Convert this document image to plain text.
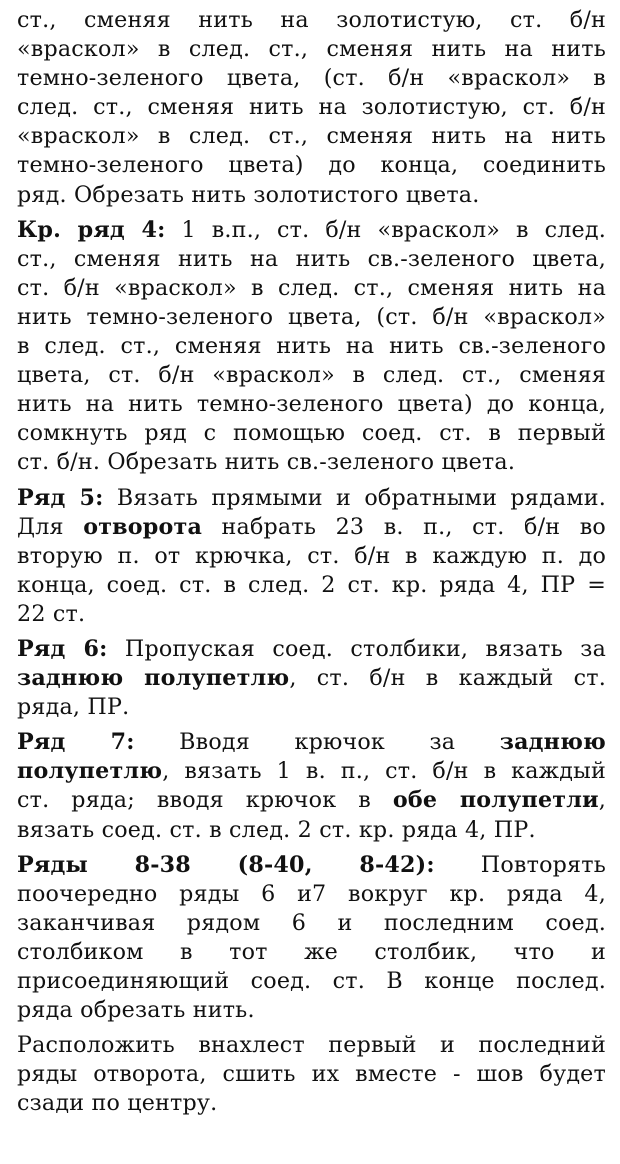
ст., сменяя нить на золотистую, ст. б/н
«враскол» в след. ст., сменяя нить на нить
темно-зеленого цвета, (ст. б/н «враскол» в
след. ст., сменяя нить на золотистую, ст. б/н
«враскол» в след. ст., сменяя нить на нить
темно-зеленого цвета) до конца, соединить
ряд. Обрезать нить золотистого цвета.
Кр. ряд 4: 1 в.п., ст. б/н «враскол» в след.
ст., сменяя нить на нить св.-зеленого цвета,
ст. б/н «враскол» в след. ст., сменяя нить на
нить темно-зеленого цвета, (ст. б/н «враскол»
в след. ст., сменяя нить на нить св.-зеленого
цвета, ст. б/н «враскол» в след. ст., сменяя
нить на нить темно-зеленого цвета) до конца,
сомкнуть ряд с помощью соед. ст. в первый
ст. б/н. Обрезать нить св.-зеленого цвета.
Ряд 5: Вязать прямыми и обратными рядами.
Для отворота набрать 23 в. п., ст. б/н во
вторую п. от крючка, ст. б/н в каждую п. до
конца, соед. ст. в след. 2 ст. кр. ряда 4, ПР =
22 ст.
Ряд 6: Пропуская соед. столбики, вязать за
заднюю полупетлю, ст. б/н в каждый ст.
ряда, ПР.
Ряд 7: Вводя крючок за заднюю
полупетлю, вязать 1 в. п., ст. б/н в каждый
ст. ряда; вводя крючок в обе полупетли,
вязать соед. ст. в след. 2 ст. кр. ряда 4, ПР.
Ряды 8-38 (8-40, 8-42): Повторять
поочередно ряды 6 и7 вокруг кр. ряда 4,
заканчивая рядом 6 и последним соед.
столбиком в тот же столбик, что и
присоединяющий соед. ст. В конце послед.
ряда обрезать нить.
Расположить внахлест первый и последний
ряды отворота, сшить их вместе - шов будет
сзади по центру.
